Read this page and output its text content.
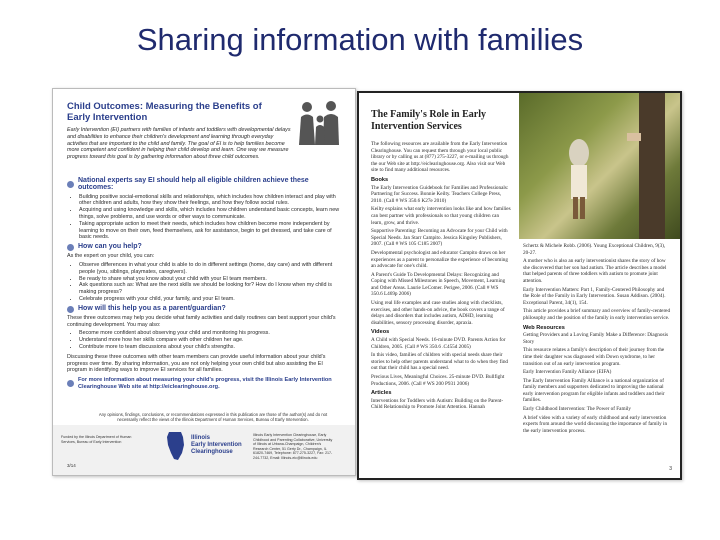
Sharing information with families
Child Outcomes: Measuring the Benefits of Early Intervention
Early Intervention (EI) partners with families of infants and toddlers with developmental delays and disabilities to enhance their children's development and learning through everyday activities that are important to the child and family. The goal of EI is to help families become more competent and confident in helping their child develop and learn. One way we measure progress toward this goal is by gathering information about three child outcomes.
National experts say EI should help all eligible children achieve these outcomes:
• Building positive social-emotional skills and relationships, which includes how children interact and play with other children and adults, how they show their feelings, and how they follow social rules.
• Acquiring and using knowledge and skills, which includes how children understand basic concepts, learn new things, solve problems, and use words or other ways to communicate.
• Taking appropriate action to meet their needs, which includes how children become more independent by learning to move on their own, feed themselves, ask for assistance, begin to get dressed, and take care of basic needs.
How can you help?

As the expert on your child, you can:

• Observe differences in what your child is able to do in different settings (home, day care) and with different people (you, siblings, playmates, caregivers).
• Be ready to share what you know about your child with your EI team members.
• Ask questions such as: What are the next skills we should be looking for? How do I know when my child is making progress?
• Celebrate progress with your child, your family, and your EI team.
How will this help you as a parent/guardian?

These three outcomes may help you decide what family activities and daily routines can best support your child's continuing development. You may also:

• Become more confident about observing your child and monitoring his progress.
• Understand more how her skills compare with other children her age.
• Contribute more to team discussions about your child's strengths.

Discussing these three outcomes with other team members can provide useful information about your child's progress over time. By sharing information, you are not only helping your own child but also assisting the EI program in identifying ways to improve EI services for all families.

For more information about measuring your child's progress, visit the Illinois Early Intervention Clearinghouse Web site at http://eiclearinghouse.org.
Any opinions, findings, conclusions, or recommendations expressed in this publication are those of the author(s) and do not necessarily reflect the views of the Illinois Department of Human Services, Bureau of Early Intervention.
Funded by the Illinois Department of Human Services, Bureau of Early Intervention
Illinois
Early Intervention
Clearinghouse
Illinois Early Intervention Clearinghouse, Early Childhood and Parenting Collaborative, University of Illinois at Urbana-Champaign, Children's Research Center, 51 Gerty Dr., Champaign, IL 61820-7469, Telephone: 877-275-3227, Fax: 217-244-7732, Email: Illinois-eic@illinois.edu
3/14
The Family's Role in Early Intervention Services

The following resources are available from the Early Intervention Clearinghouse. You can request them through your local public library or by calling us at (877) 275-3227, or e-mailing us through the our Web site at http://eiclearinghouse.org. Also visit our Web site to find many additional resources.

Books

The Early Intervention Guidebook for Families and Professionals: Partnering for Success. Bonnie Keilty. Teachers College Press, 2010. (Call # WS 350.6 K27e 2010)

Keilty explains what early intervention looks like and how families can best partner with professionals so that young children can learn, grow, and thrive.

Supportive Parenting: Becoming an Advocate for your Child with Special Needs. Jan Starr Campito. Jessica Kingsley Publishers, 2007. (Call # WS 105 C185 2007)

Developmental psychologist and educator Campito draws on her experiences as a parent to personalize the experience of becoming an advocate for one's child.

A Parent's Guide To Developmental Delays: Recognizing and Coping with Missed Milestones in Speech, Movement, Learning and Other Areas. Laurie LeComer. Perigee, 2006. (Call # WS 350.6 L469p 2006)

Using real life examples and case studies along with checklists, exercises, and other hands-on advice, the book covers a range of delays and disorders that includes autism, ADHD, learning disabilities, sensory processing disorder, apraxia.

Videos

A Child with Special Needs. 16-minute DVD. Parents Action for Children, 2005. (Call # WS 350.6 .C455d 2005)

In this video, families of children with special needs share their stories to help other parents understand what to do when they find out that their child has a special need.

Precious Lives, Meaningful Choices. 25-minute DVD. Bullfight Productions, 2006. (Call # WS 200 P931 2006)

Articles

Interventions for Toddlers with Autism: Building on the Parent-Child Relationship to Promote Joint Attention. Hannah

Schertz & Michele Robb. (2006). Young Exceptional Children, 9(3), 20-27.

A mother who is also an early interventionist shares the story of how she discovered that her son had autism. The article describes a model that helped parents of three toddlers with autism to promote joint attention.

Early Intervention Matters: Part 1, Family-Centered Philosophy and the Role of the Family in Early Intervention. Susan Addison. (2004). Exceptional Parent, 34(1), 154.

This article provides a brief summary and overview of family-centered philosophy and the position of the family in early intervention service.

Web Resources

Getting Providers and a Loving Family Make a Difference: Diagnosis Story

This resource relates a family's description of their journey from the time their daughter was diagnosed with Down syndrome, to her transition out of an early intervention program.

Early Intervention Family Alliance (EIFA)

The Early Intervention Family Alliance is a national organization of family members and supporters dedicated to improving the national early intervention program for eligible infants and toddlers and their families.

Early Childhood Intervention: The Power of Family

A brief video with a variety of early childhood and early intervention experts from around the world discussing the importance of family in the early intervention process.

3
